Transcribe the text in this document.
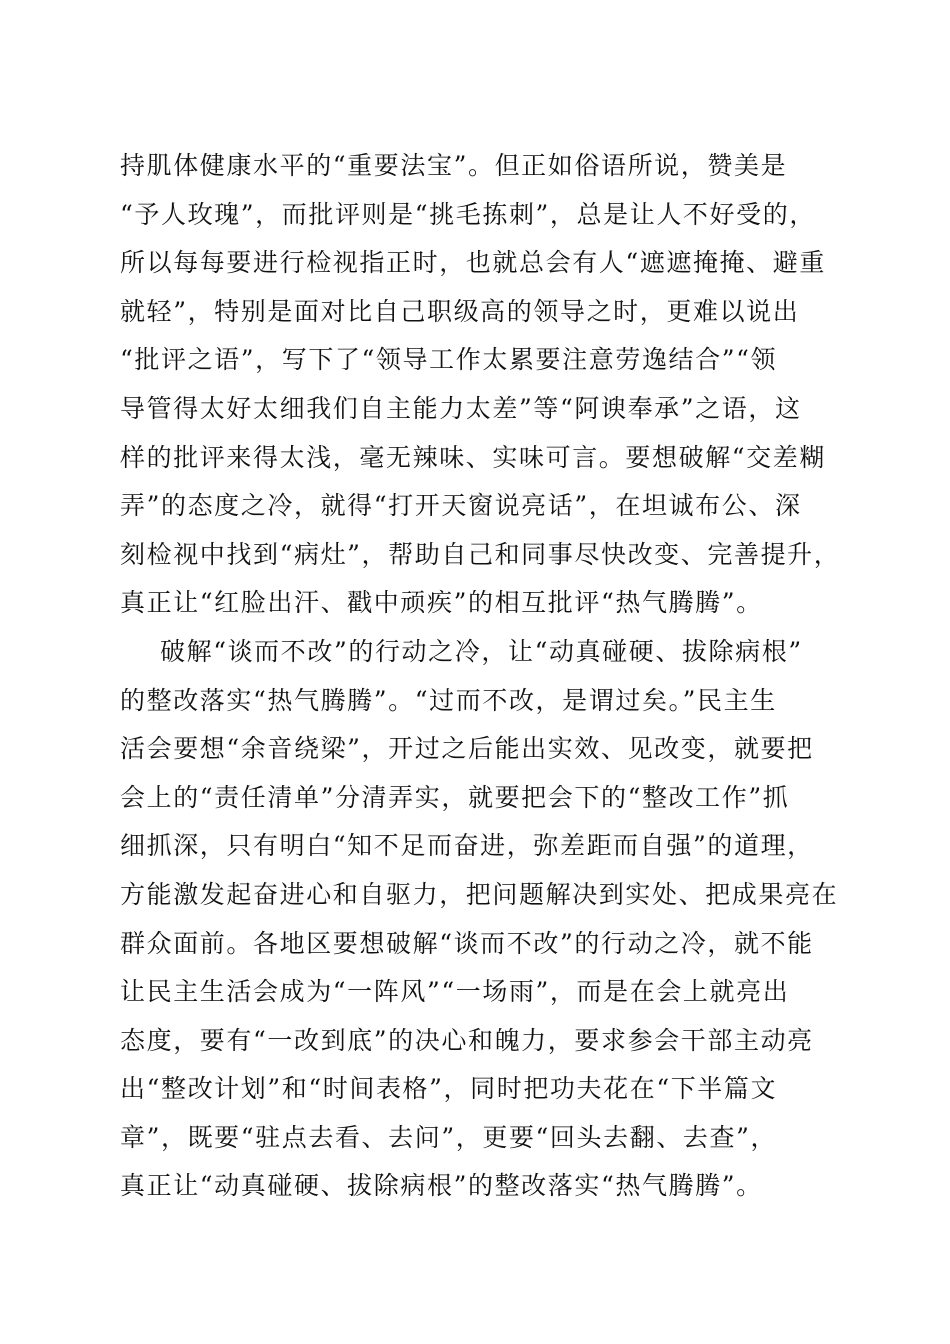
持肌体健康水平的“重要法宝”。但正如俗语所说，赞美是
“予人玫瑰”，而批评则是“挑毛拣刺”，总是让人不好受的，
所以每每要进行检视指正时，也就总会有人“遮遮掩掩、避重
就轻”，特别是面对比自己职级高的领导之时，更难以说出
“批评之语”，写下了“领导工作太累要注意劳逸结合”“领
导管得太好太细我们自主能力太差”等“阿谀奉承”之语，这
样的批评来得太浅，毫无辣味、实味可言。要想破解“交差糊
弄”的态度之冷，就得“打开天窗说亮话”，在坦诚布公、深
刻检视中找到“病灶”，帮助自己和同事尽快改变、完善提升，
真正让“红脸出汗、戳中顽疾”的相互批评“热气腾腾”。
破解“谈而不改”的行动之冷，让“动真碰硬、拔除病根”
的整改落实“热气腾腾”。“过而不改，是谓过矣。”民主生
活会要想“余音绕梁”，开过之后能出实效、见改变，就要把
会上的“责任清单”分清弄实，就要把会下的“整改工作”抓
细抓深，只有明白“知不足而奋进，弥差距而自强”的道理，
方能激发起奋进心和自驱力，把问题解决到实处、把成果亮在
群众面前。各地区要想破解“谈而不改”的行动之冷，就不能
让民主生活会成为“一阵风”“一场雨”，而是在会上就亮出
态度，要有“一改到底”的决心和魄力，要求参会干部主动亮
出“整改计划”和“时间表格”，同时把功夫花在“下半篇文
章”，既要“驻点去看、去问”，更要“回头去翻、去查”，
真正让“动真碰硬、拔除病根”的整改落实“热气腾腾”。
